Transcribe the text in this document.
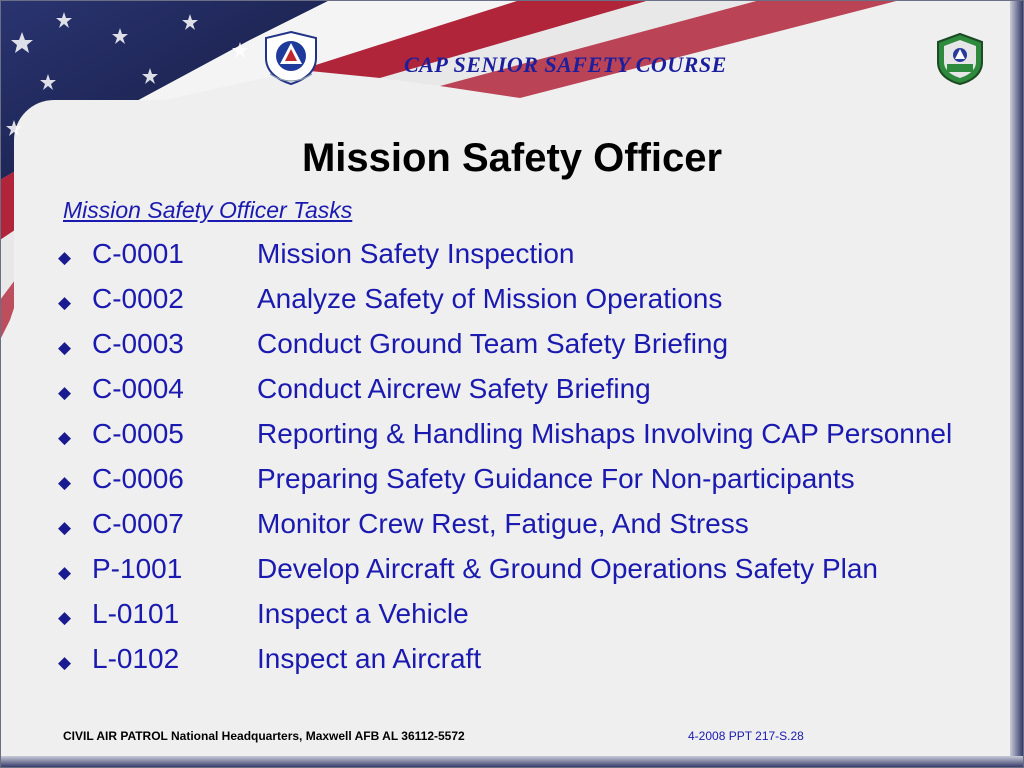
CAP SENIOR SAFETY COURSE
Mission Safety Officer
Mission Safety Officer Tasks
◆ C-0001	Mission Safety Inspection
◆ C-0002	Analyze Safety of Mission Operations
◆ C-0003	Conduct Ground Team Safety Briefing
◆ C-0004	Conduct Aircrew Safety Briefing
◆ C-0005	Reporting & Handling Mishaps Involving CAP Personnel
◆ C-0006	Preparing Safety Guidance For Non-participants
◆ C-0007	Monitor Crew Rest, Fatigue, And Stress
◆ P-1001	Develop Aircraft & Ground Operations Safety Plan
◆ L-0101	Inspect a Vehicle
◆ L-0102	Inspect an Aircraft
CIVIL AIR PATROL National Headquarters, Maxwell AFB AL 36112-5572	4-2008 PPT 217-S.28
